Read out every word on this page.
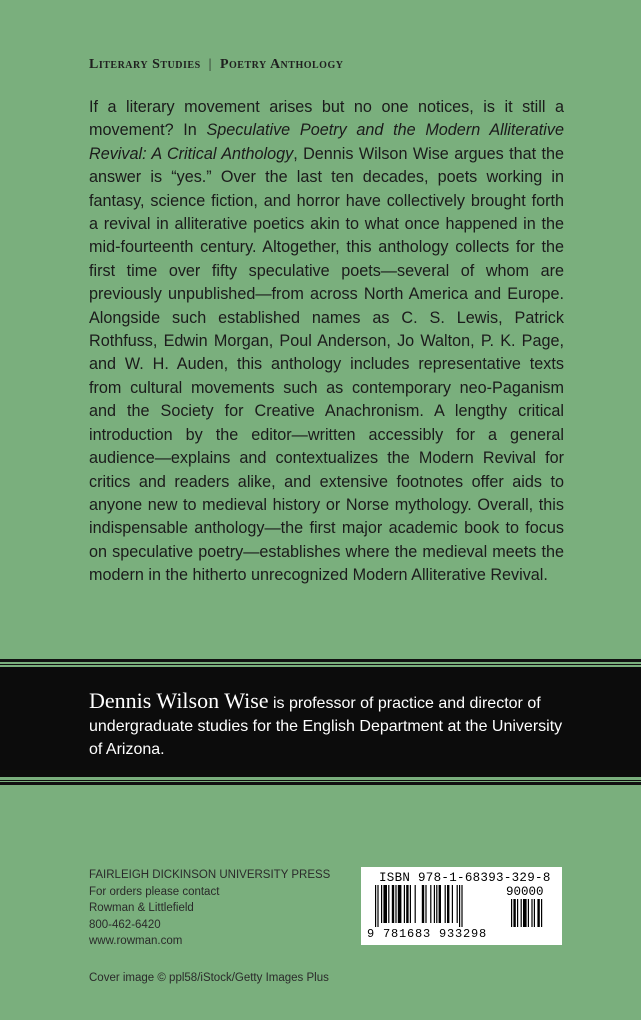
Literary Studies | Poetry Anthology

If a literary movement arises but no one notices, is it still a movement? In Speculative Poetry and the Modern Alliterative Revival: A Critical Anthology, Dennis Wilson Wise argues that the answer is “yes.” Over the last ten decades, poets working in fantasy, science fiction, and horror have collectively brought forth a revival in alliterative poetics akin to what once happened in the mid-fourteenth century. Altogether, this anthology collects for the first time over fifty speculative poets—several of whom are previously unpublished—from across North America and Europe. Alongside such established names as C. S. Lewis, Patrick Rothfuss, Edwin Morgan, Poul Anderson, Jo Walton, P. K. Page, and W. H. Auden, this anthology includes representative texts from cultural movements such as contemporary neo-Paganism and the Society for Creative Anachronism. A lengthy critical introduction by the editor—written accessibly for a general audience—explains and contextualizes the Modern Revival for critics and readers alike, and extensive footnotes offer aids to anyone new to medieval history or Norse mythology. Overall, this indispensable anthology—the first major academic book to focus on speculative poetry—establishes where the medieval meets the modern in the hitherto unrecognized Modern Alliterative Revival.

Dennis Wilson Wise is professor of practice and director of undergraduate studies for the English Department at the University of Arizona.

FAIRLEIGH DICKINSON UNIVERSITY PRESS
For orders please contact
Rowman & Littlefield
800-462-6420
www.rowman.com
ISBN 978-1-68393-329-8
90000
9 781683 933298
Cover image © ppl58/iStock/Getty Images Plus
